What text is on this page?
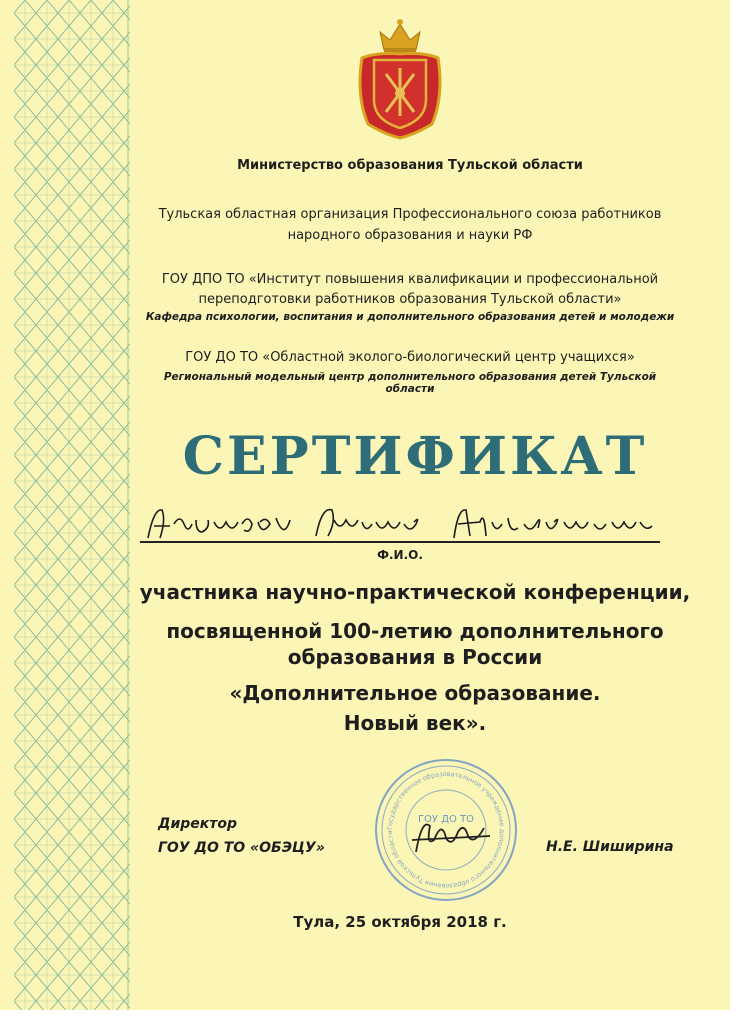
Министерство образования Тульской области
Тульская областная организация Профессионального союза работников
народного образования и науки РФ
ГОУ ДПО ТО «Институт повышения квалификации и профессиональной
переподготовки работников образования Тульской области»
Кафедра психологии, воспитания и дополнительного образования детей и молодежи
ГОУ ДО ТО «Областной эколого-биологический центр учащихся»
Региональный модельный центр дополнительного образования детей Тульской области
СЕРТИФИКАТ
Ф.И.О.
участника научно-практической конференции,
посвященной 100-летию дополнительного
образования в России
«Дополнительное образование.
Новый век».
Государственное образовательное учреждение дополнительного образования Тульской области
ГОУ ДО ТО
Директор
ГОУ ДО ТО «ОБЭЦУ»	Н.Е. Шиширина
Тула, 25 октября 2018 г.
